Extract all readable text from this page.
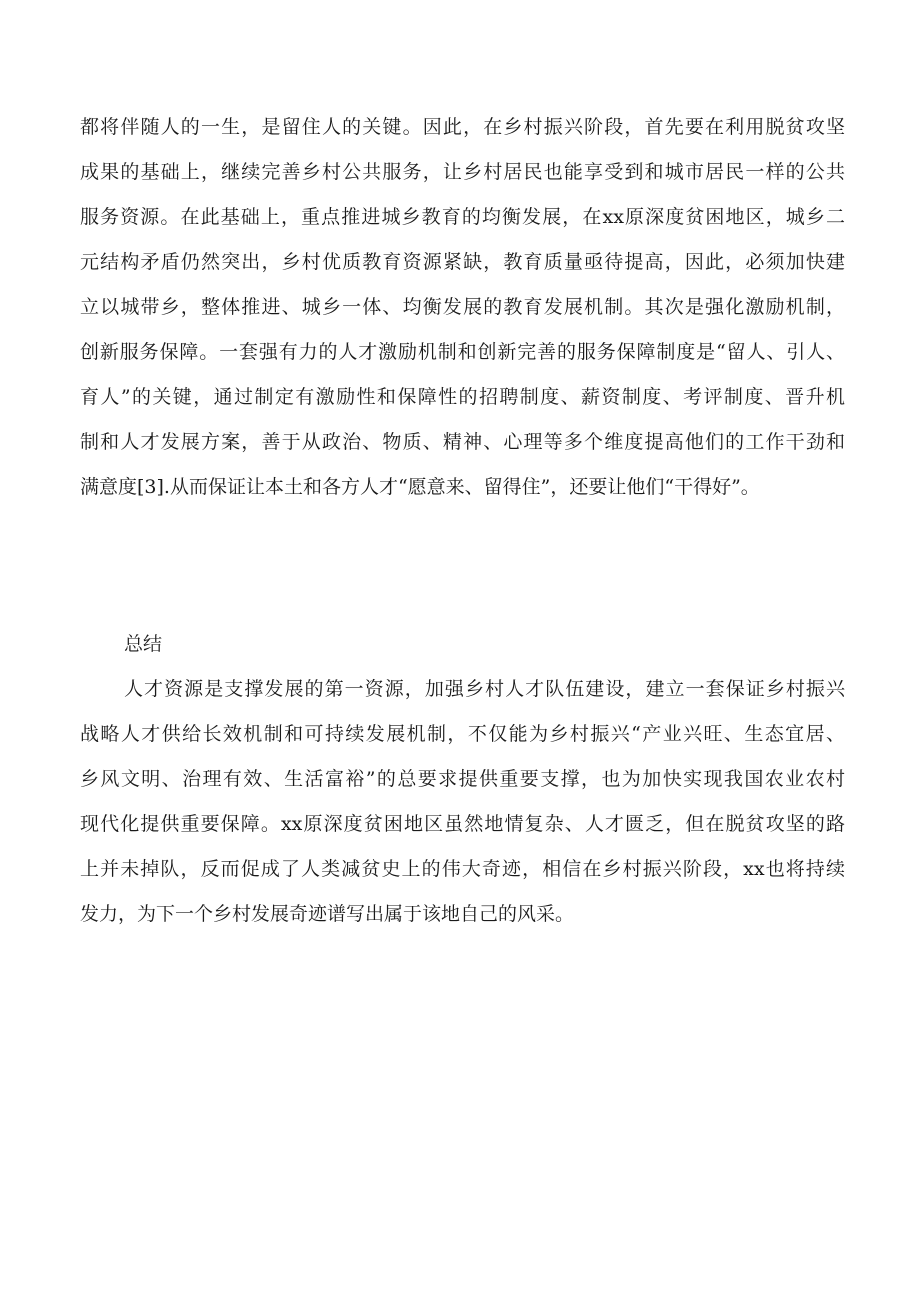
都将伴随人的一生，是留住人的关键。因此，在乡村振兴阶段，首先要在利用脱贫攻坚
成果的基础上，继续完善乡村公共服务，让乡村居民也能享受到和城市居民一样的公共
服务资源。在此基础上，重点推进城乡教育的均衡发展，在xx原深度贫困地区，城乡二
元结构矛盾仍然突出，乡村优质教育资源紧缺，教育质量亟待提高，因此，必须加快建
立以城带乡，整体推进、城乡一体、均衡发展的教育发展机制。其次是强化激励机制，
创新服务保障。一套强有力的人才激励机制和创新完善的服务保障制度是“留人、引人、
育人”的关键，通过制定有激励性和保障性的招聘制度、薪资制度、考评制度、晋升机
制和人才发展方案，善于从政治、物质、精神、心理等多个维度提高他们的工作干劲和
满意度[3].从而保证让本土和各方人才“愿意来、留得住”，还要让他们“干得好”。
总结
人才资源是支撑发展的第一资源，加强乡村人才队伍建设，建立一套保证乡村振兴
战略人才供给长效机制和可持续发展机制，不仅能为乡村振兴“产业兴旺、生态宜居、
乡风文明、治理有效、生活富裕”的总要求提供重要支撑，也为加快实现我国农业农村
现代化提供重要保障。xx原深度贫困地区虽然地情复杂、人才匮乏，但在脱贫攻坚的路
上并未掉队，反而促成了人类减贫史上的伟大奇迹，相信在乡村振兴阶段，xx也将持续
发力，为下一个乡村发展奇迹谱写出属于该地自己的风采。
